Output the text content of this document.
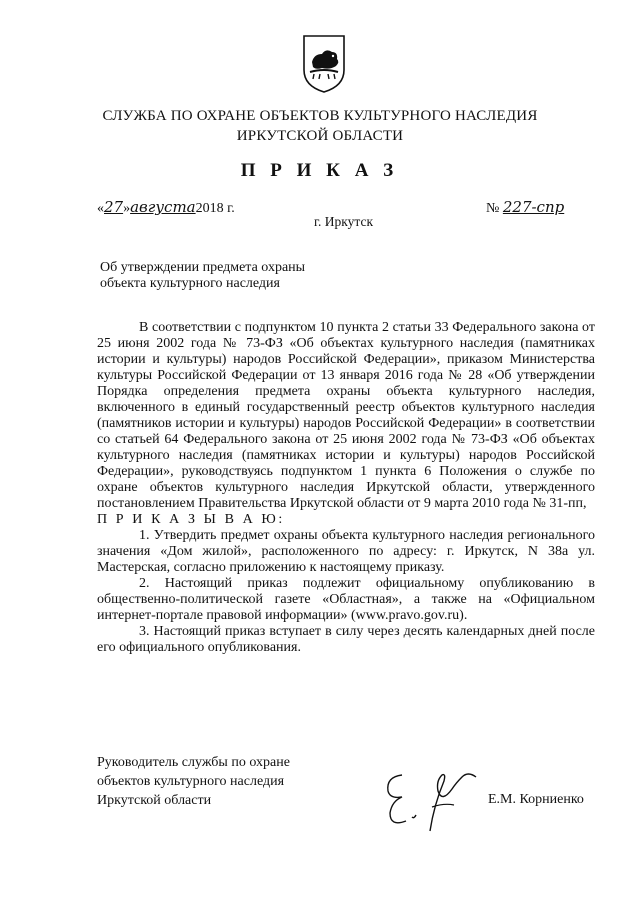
СЛУЖБА ПО ОХРАНЕ ОБЪЕКТОВ КУЛЬТУРНОГО НАСЛЕДИЯ ИРКУТСКОЙ ОБЛАСТИ
П Р И К А З
«27»августа2018 г.	№ 227-спр
г. Иркутск
Об утверждении предмета охраны
объекта культурного наследия

В соответствии с подпунктом 10 пункта 2 статьи 33 Федерального закона от 25 июня 2002 года № 73-ФЗ «Об объектах культурного наследия (памятниках истории и культуры) народов Российской Федерации», приказом Министерства культуры Российской Федерации от 13 января 2016 года № 28 «Об утверждении Порядка определения предмета охраны объекта культурного наследия, включенного в единый государственный реестр объектов культурного наследия (памятников истории и культуры) народов Российской Федерации» в соответствии со статьей 64 Федерального закона от 25 июня 2002 года № 73-ФЗ «Об объектах культурного наследия (памятниках истории и культуры) народов Российской Федерации», руководствуясь подпунктом 1 пункта 6 Положения о службе по охране объектов культурного наследия Иркутской области, утвержденного постановлением Правительства Иркутской области от 9 марта 2010 года № 31-пп,

П Р И К А З Ы В А Ю:

1. Утвердить предмет охраны объекта культурного наследия регионального значения «Дом жилой», расположенного по адресу: г. Иркутск, N 38а ул. Мастерская, согласно приложению к настоящему приказу.

2. Настоящий приказ подлежит официальному опубликованию в общественно-политической газете «Областная», а также на «Официальном интернет-портале правовой информации» (www.pravo.gov.ru).

3. Настоящий приказ вступает в силу через десять календарных дней после его официального опубликования.

Руководитель службы по охране
объектов культурного наследия
Иркутской области	Е.М. Корниенко
